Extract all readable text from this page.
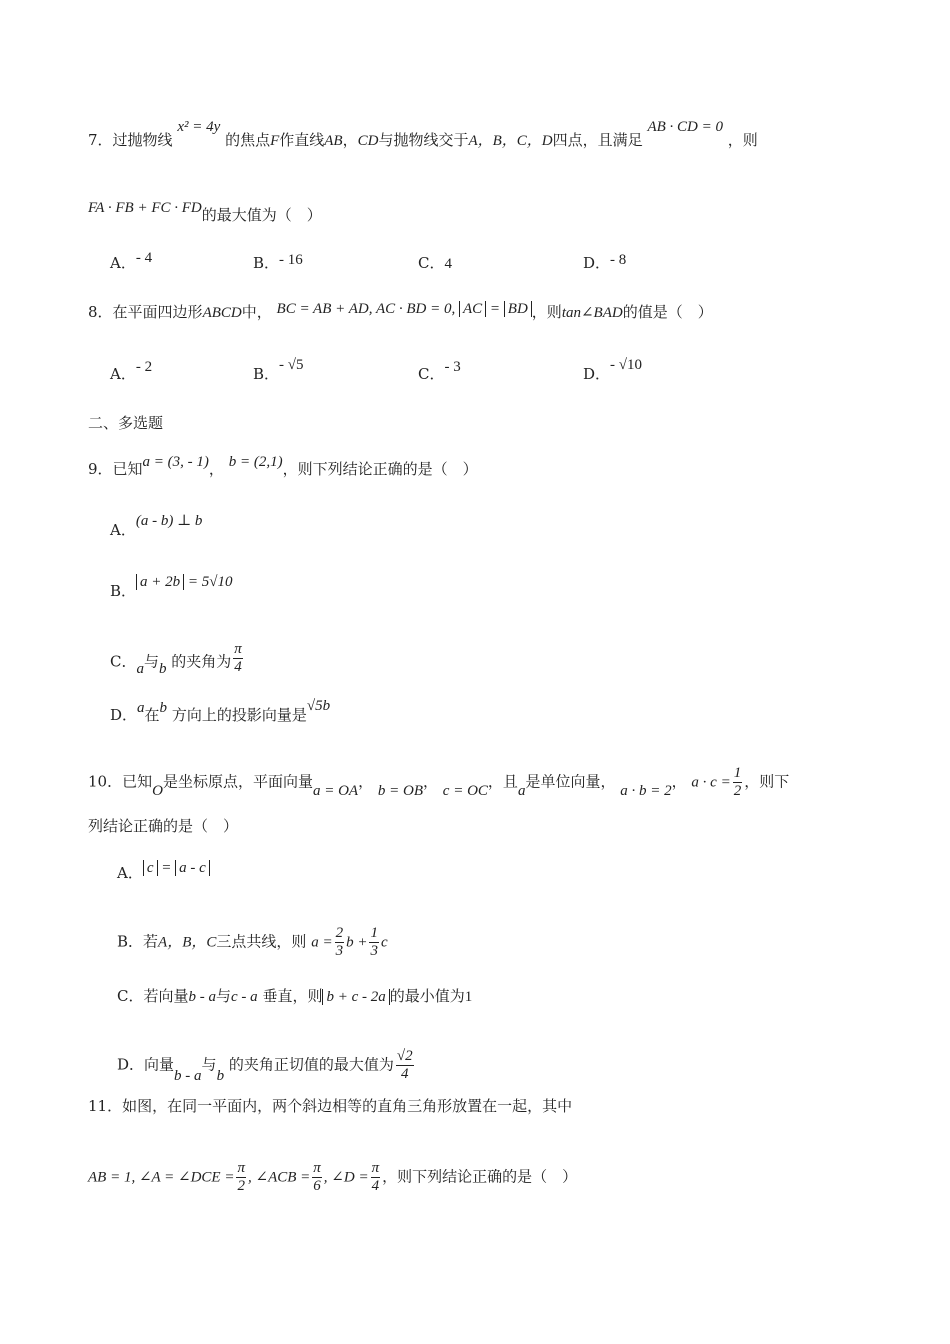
7．过抛物线 x² = 4y 的焦点F作直线AB，CD与抛物线交于A，B，C，D四点，且满足 AB · CD = 0 ，则
FA · FB + FC · FD的最大值为（　）
A．- 4	B．- 16	C．4	D．- 8
8．在平面四边形ABCD中， BC = AB + AD, AC · BD = 0, AC = BD ，则tan∠BAD的值是（　）
A．- 2	B．- √5	C．- 3	D．- √10
二、多选题
9．已知a = (3, - 1)， b = (2,1)，则下列结论正确的是（　）
A．(a - b) ⊥ b
B． a + 2b = 5√10
C．a与b 的夹角为 $\frac{\pi}{4}$
D．a在b 方向上的投影向量是√5b
10．已知O是坐标原点，平面向量a = OA， b = OB， c = OC，且a是单位向量， a · b = 2， $a \cdot c = \frac{1}{2}$ ，则下
列结论正确的是（　）
A． c = a - c
B．若A，B，C三点共线，则 $a = \frac{2}{3}$ $b + \frac{1}{3}$ c
C．若向量b - a与c - a 垂直，则 b + c - 2a 的最小值为1
D．向量b - a与b 的夹角正切值的最大值为 $\frac{√2}{4}$
11．如图，在同一平面内，两个斜边相等的直角三角形放置在一起，其中
AB = 1, ∠A = ∠DCE = $\frac{\pi}{2}$ , ∠ACB = $\frac{\pi}{6}$ , ∠D = $\frac{\pi}{4}$ ，则下列结论正确的是（　）
